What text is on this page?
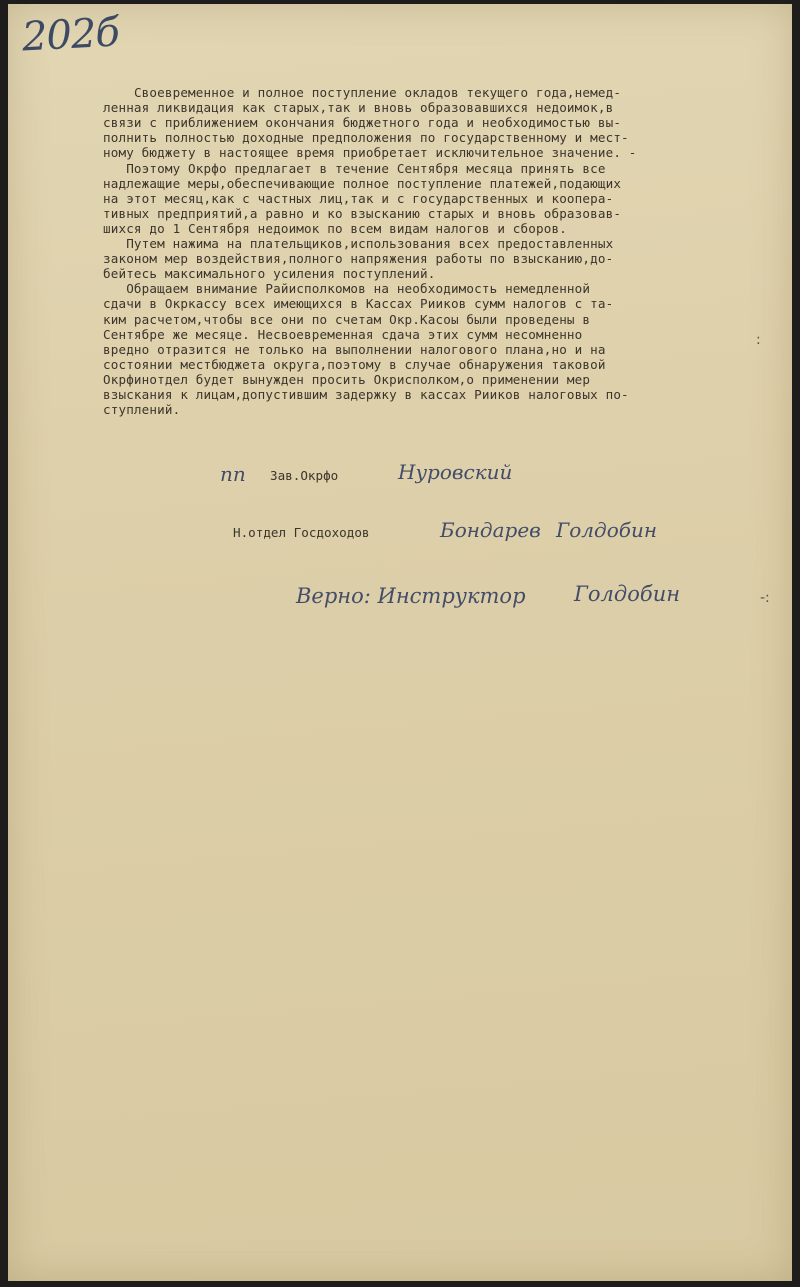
202б

Своевременное и полное поступление окладов текущего года,немед-
ленная ликвидация как старых,так и вновь образовавшихся недоимок,в
связи с приближением окончания бюджетного года и необходимостью вы-
полнить полностью доходные предположения по государственному и мест-
ному бюджету в настоящее время приобретает исключительное значение. -
Поэтому Окрфо предлагает в течение Сентября месяца принять все
надлежащие меры,обеспечивающие полное поступление платежей,подающих
на этот месяц,как с частных лиц,так и с государственных и коопера-
тивных предприятий,а равно и ко взысканию старых и вновь образовав-
шихся до 1 Сентября недоимок по всем видам налогов и сборов.
Путем нажима на плательщиков,использования всех предоставленных
законом мер воздействия,полного напряжения работы по взысканию,до-
бейтесь максимального усиления поступлений.
Обращаем внимание Райисполкомов на необходимость немедленной
сдачи в Окркассу всех имеющихся в Кассах Рииков сумм налогов с та-
ким расчетом,чтобы все они по счетам Окр.Касоы были проведены в
Сентябре же месяце. Несвоевременная сдача этих сумм несомненно
вредно отразится не только на выполнении налогового плана,но и на
состоянии местбюджета округа,поэтому в случае обнаружения таковой
Окрфинотдел будет вынужден просить Окрисполком,о применении мер
взыскания к лицам,допустившим задержку в кассах Рииков налоговых по-
ступлений.

:
пп Зав.Окрфо	Нуровский
Н.отдел Госдоходов	Бондарев Голдобин
Верно: Инструктор Голдобин	-:
